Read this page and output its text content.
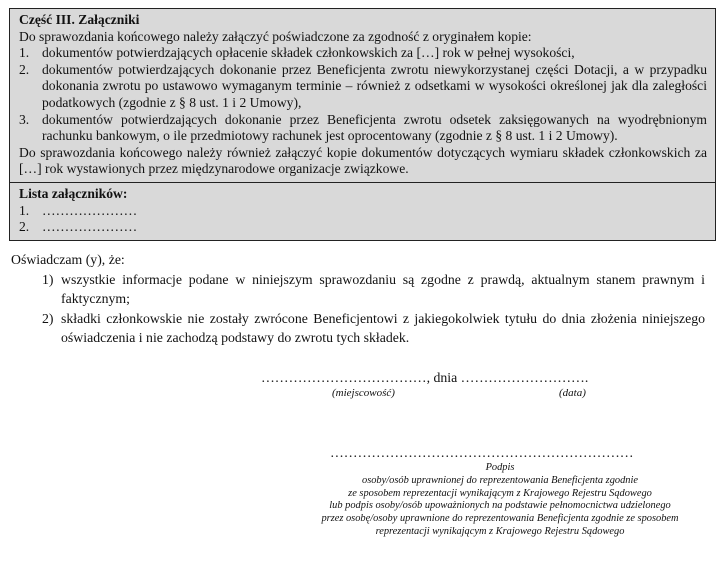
Część III. Załączniki
Do sprawozdania końcowego należy załączyć poświadczone za zgodność z oryginałem kopie:
1. dokumentów potwierdzających opłacenie składek członkowskich za […] rok w pełnej wysokości,
2. dokumentów potwierdzających dokonanie przez Beneficjenta zwrotu niewykorzystanej części Dotacji, a w przypadku dokonania zwrotu po ustawowo wymaganym terminie – również z odsetkami w wysokości określonej jak dla zaległości podatkowych (zgodnie z § 8 ust. 1 i 2 Umowy),
3. dokumentów potwierdzających dokonanie przez Beneficjenta zwrotu odsetek zaksięgowanych na wyodrębnionym rachunku bankowym, o ile przedmiotowy rachunek jest oprocentowany (zgodnie z § 8 ust. 1 i 2 Umowy).
Do sprawozdania końcowego należy również załączyć kopie dokumentów dotyczących wymiaru składek członkowskich za […] rok wystawionych przez międzynarodowe organizacje związkowe.
Lista załączników:
1. …………………
2. …………………
Oświadczam (y), że:
1) wszystkie informacje podane w niniejszym sprawozdaniu są zgodne z prawdą, aktualnym stanem prawnym i faktycznym;
2) składki członkowskie nie zostały zwrócone Beneficjentowi z jakiegokolwiek tytułu do dnia złożenia niniejszego oświadczenia i nie zachodzą podstawy do zwrotu tych składek.
………………………………, dnia ……………………….
(miejscowość)	(data)
…………………………………………………………
Podpis
osoby/osób uprawnionej do reprezentowania Beneficjenta zgodnie
ze sposobem reprezentacji wynikającym z Krajowego Rejestru Sądowego
lub podpis osoby/osób upoważnionych na podstawie pełnomocnictwa udzielonego
przez osobę/osoby uprawnione do reprezentowania Beneficjenta zgodnie ze sposobem
reprezentacji wynikającym z Krajowego Rejestru Sądowego
